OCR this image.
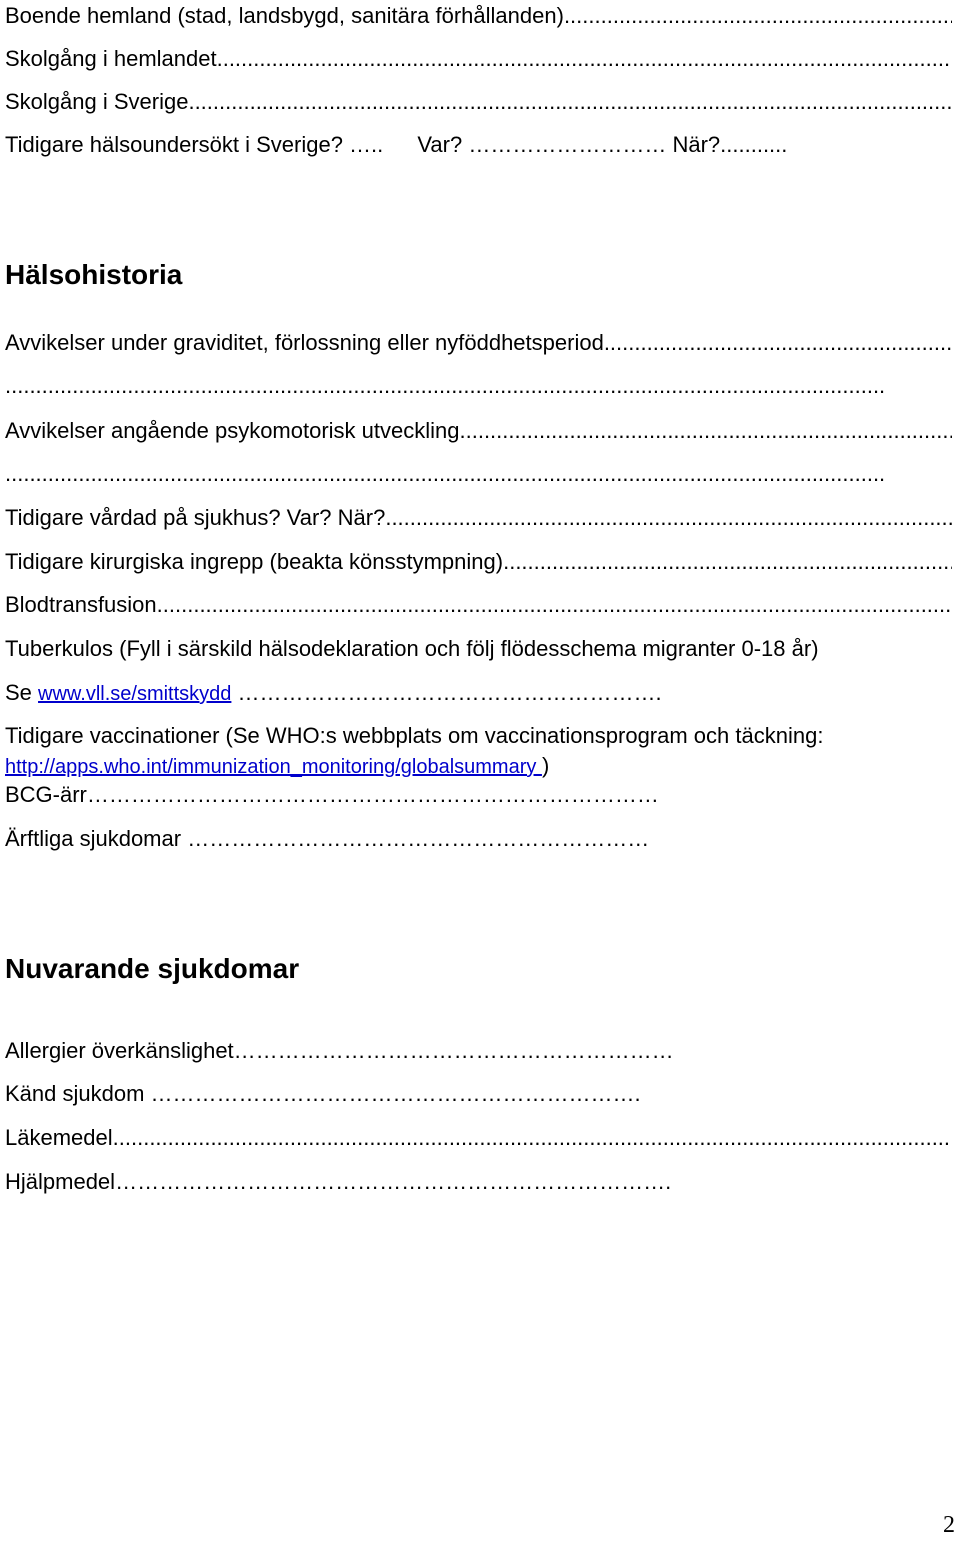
Boende hemland (stad, landsbygd, sanitära förhållanden)
.....
Skolgång i hemlandet
.....
Skolgång i Sverige
.....
Tidigare hälsoundersökt i Sverige? ….. Var? ……………………… När?...........
Hälsohistoria
Avvikelser under graviditet, förlossning eller nyföddhetsperiod
.....
.....
Avvikelser angående psykomotorisk utveckling
.....
.....
Tidigare vårdad på sjukhus? Var? När?
.....
Tidigare kirurgiska ingrepp (beakta könsstympning)
.....
Blodtransfusion
.....
Tuberkulos (Fyll i särskild hälsodeklaration och följ flödesschema migranter 0-18 år)
Se www.vll.se/smittskydd ………………………………………………….
Tidigare vaccinationer (Se WHO:s webbplats om vaccinationsprogram och täckning:
http://apps.who.int/immunization_monitoring/globalsummary )
BCG-ärr……………………………………………………………………
Ärftliga sjukdomar ………………………………………………………
Nuvarande sjukdomar
Allergier överkänslighet……………………………………………………
Känd sjukdom ………………………………………………………….
Läkemedel
.....
Hjälpmedel………………………………………………………………….
2
